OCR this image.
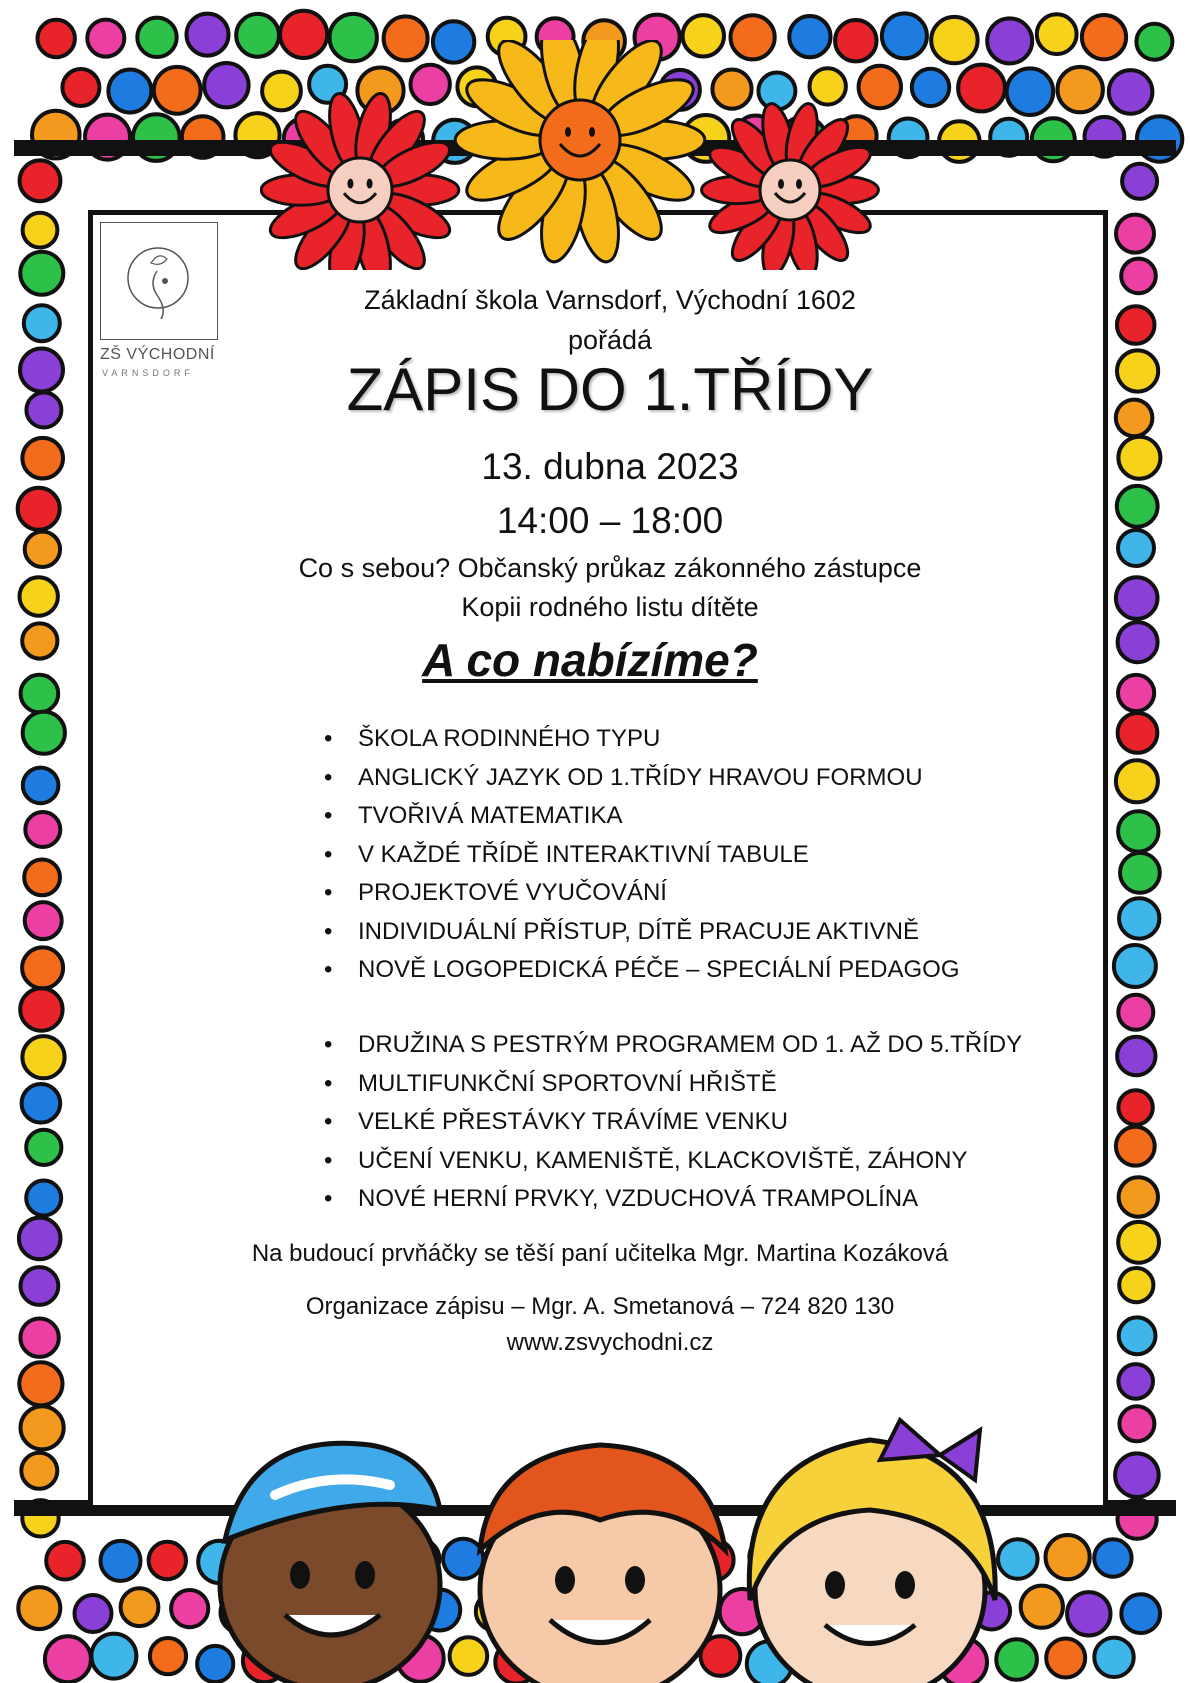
ZŠ VÝCHODNÍ
VARNSDORF
Základní škola Varnsdorf, Východní 1602
pořádá
ZÁPIS DO 1.TŘÍDY
13. dubna 2023
14:00 – 18:00
Co s sebou? Občanský průkaz zákonného zástupce
Kopii rodného listu dítěte
A co nabízíme?
• ŠKOLA RODINNÉHO TYPU
• ANGLICKÝ JAZYK OD 1.TŘÍDY HRAVOU FORMOU
• TVOŘIVÁ MATEMATIKA
• V KAŽDÉ TŘÍDĚ INTERAKTIVNÍ TABULE
• PROJEKTOVÉ VYUČOVÁNÍ
• INDIVIDUÁLNÍ PŘÍSTUP, DÍTĚ PRACUJE AKTIVNĚ
• NOVĚ LOGOPEDICKÁ PÉČE – SPECIÁLNÍ PEDAGOG
• DRUŽINA S PESTRÝM PROGRAMEM OD 1. AŽ DO 5.TŘÍDY
• MULTIFUNKČNÍ SPORTOVNÍ HŘIŠTĚ
• VELKÉ PŘESTÁVKY TRÁVÍME VENKU
• UČENÍ VENKU, KAMENIŠTĚ, KLACKOVIŠTĚ, ZÁHONY
• NOVÉ HERNÍ PRVKY, VZDUCHOVÁ TRAMPOLÍNA
Na budoucí prvňáčky se těší paní učitelka Mgr. Martina Kozáková
Organizace zápisu – Mgr. A. Smetanová – 724 820 130
www.zsvychodni.cz
